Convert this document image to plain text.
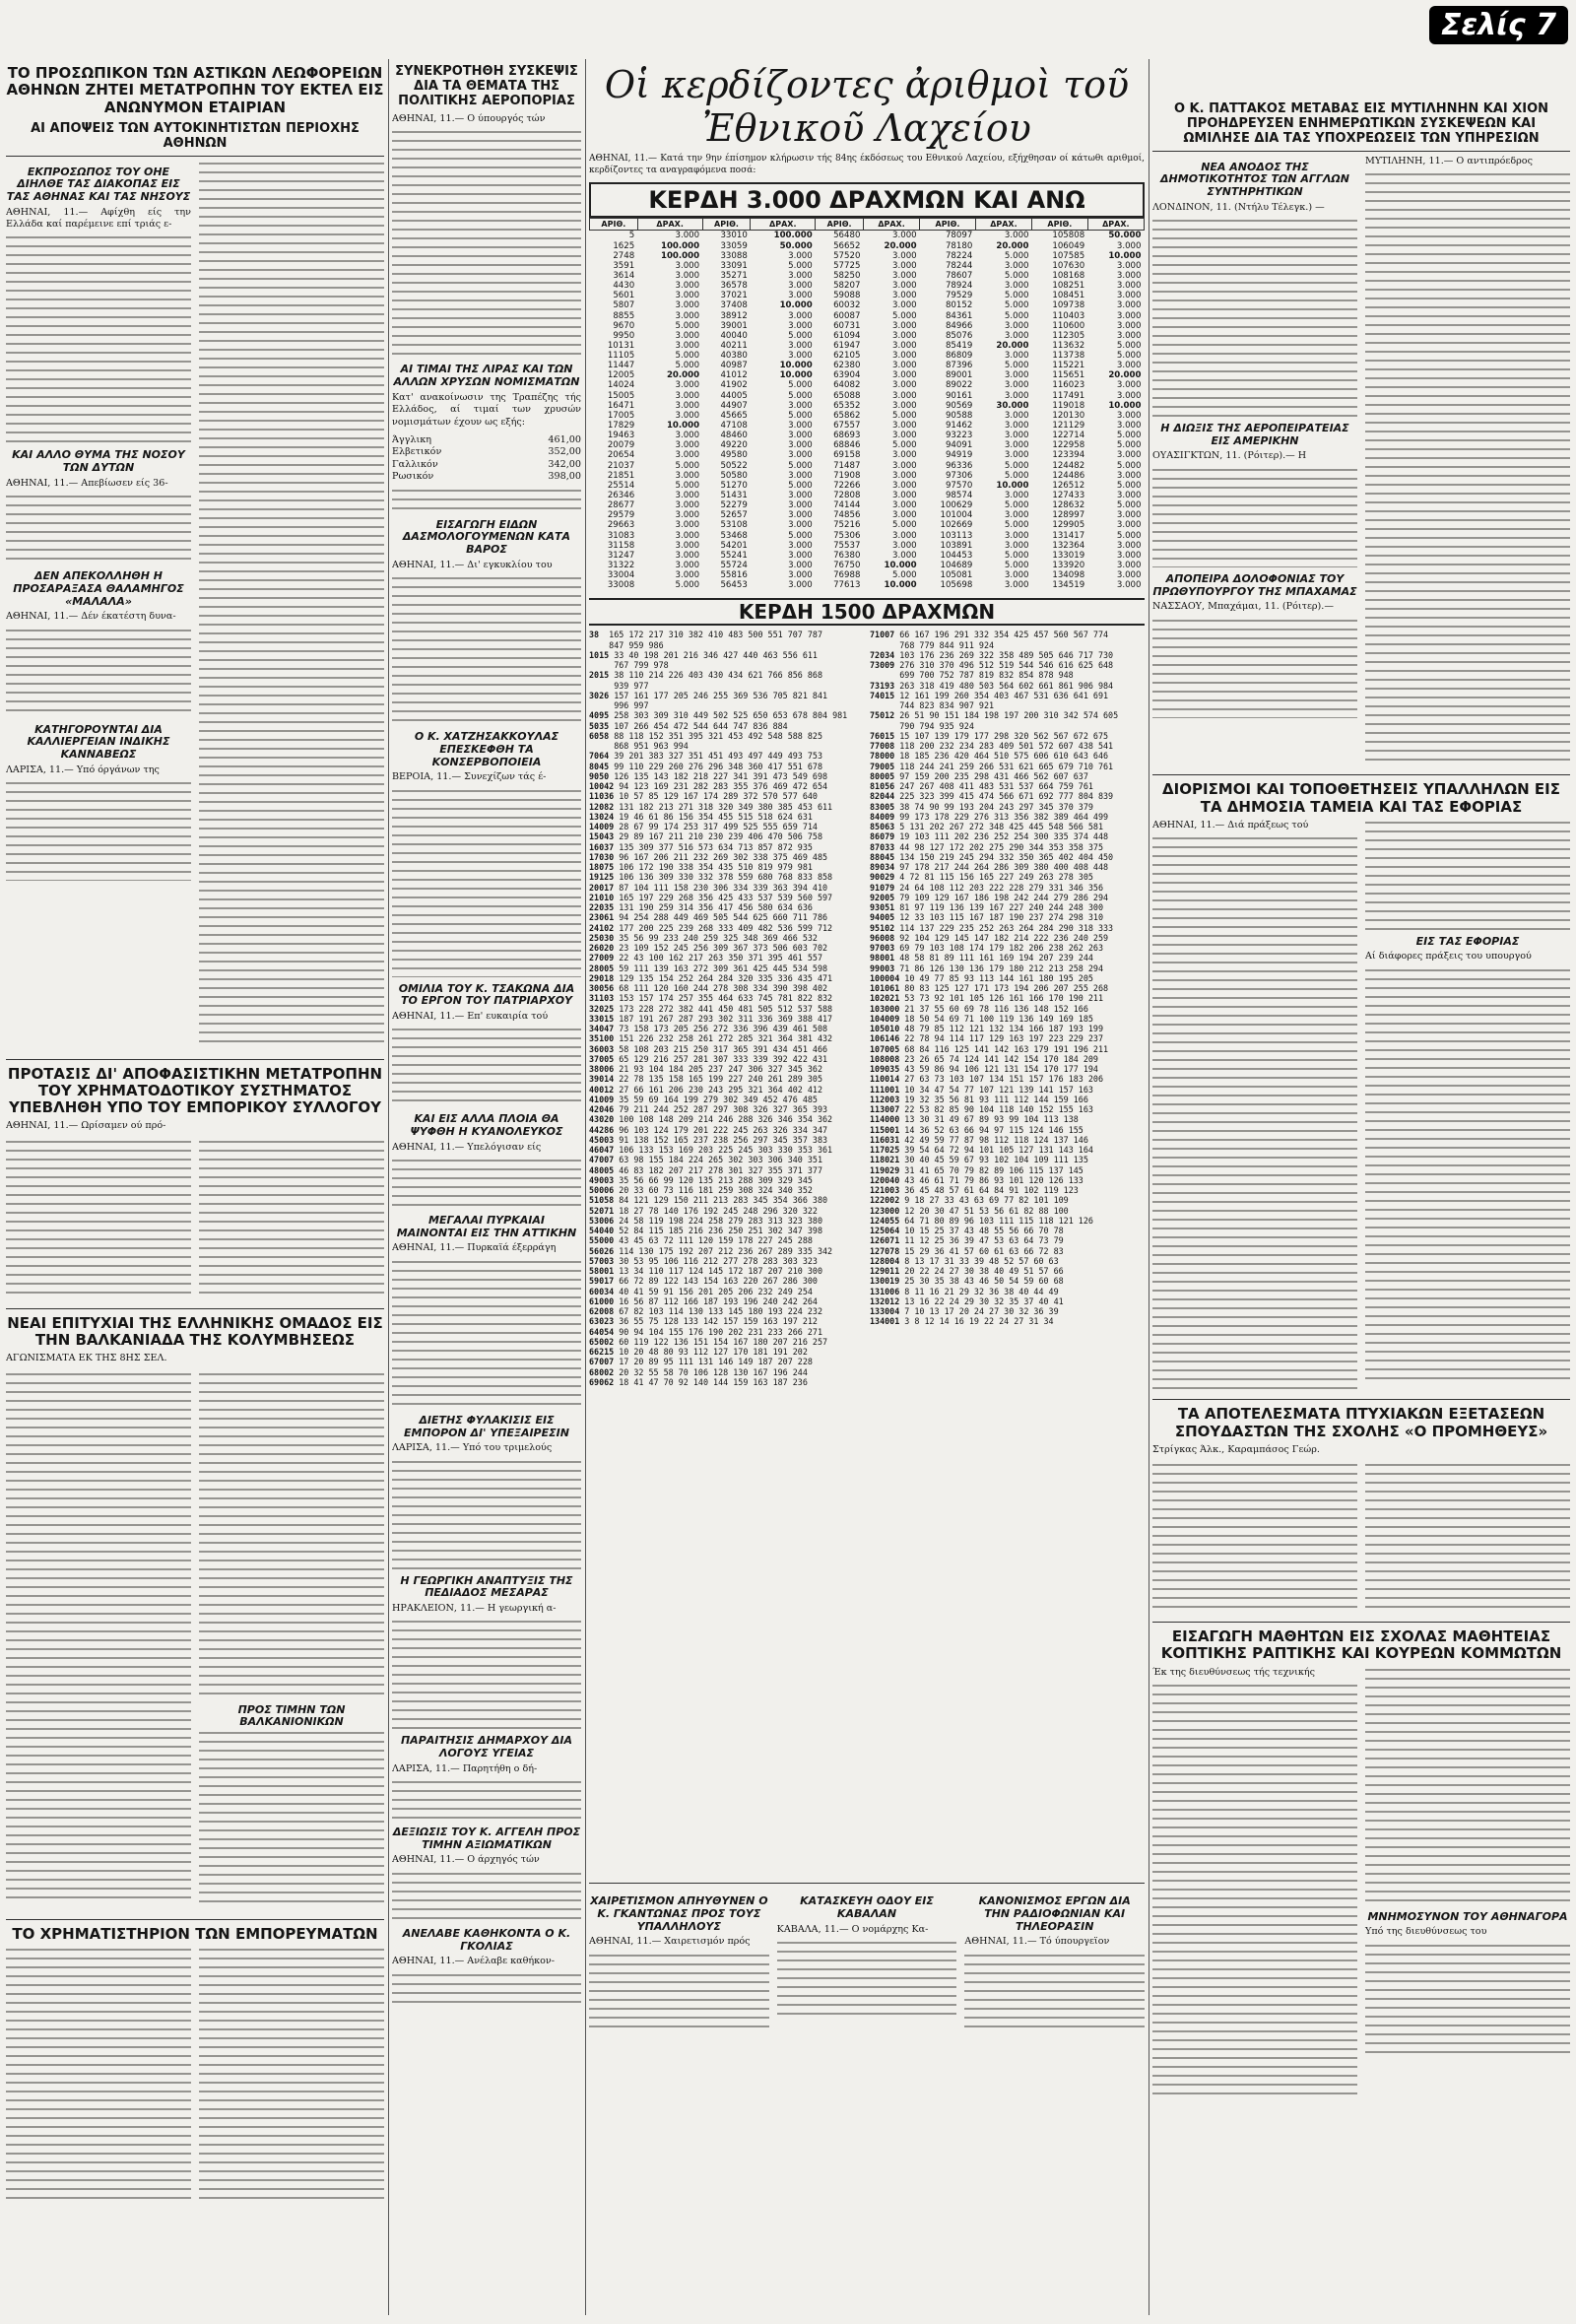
Σελίς 7
ΤΟ ΠΡΟΣΩΠΙΚΟΝ ΤΩΝ ΑΣΤΙΚΩΝ ΛΕΩΦΟΡΕΙΩΝ ΑΘΗΝΩΝ ΖΗΤΕΙ ΜΕΤΑΤΡΟΠΗΝ ΤΟΥ ΕΚΤΕΛ ΕΙΣ ΑΝΩΝΥΜΟΝ ΕΤΑΙΡΙΑΝ
ΑΙ ΑΠΟΨΕΙΣ ΤΩΝ ΑΥΤΟΚΙΝΗΤΙΣΤΩΝ ΠΕΡΙΟΧΗΣ ΑΘΗΝΩΝ
ΕΚΠΡΟΣΩΠΟΣ ΤΟΥ ΟΗΕ ΔΙΗΛΘΕ ΤΑΣ ΔΙΑΚΟΠΑΣ ΕΙΣ ΤΑΣ ΑΘΗΝΑΣ ΚΑΙ ΤΑΣ ΝΗΣΟΥΣ

ΑΘΗΝΑΙ, 11.— Αφίχθη είς την Ελλάδα καί παρέμεινε επί τριάς ε-

ΚΑΙ ΑΛΛΟ ΘΥΜΑ ΤΗΣ ΝΟΣΟΥ ΤΩΝ ΔΥΤΩΝ

ΑΘΗΝΑΙ, 11.— Απεβίωσεν είς 36-

ΔΕΝ ΑΠΕΚΟΛΛΗΘΗ Η ΠΡΟΣΑΡΑΞΑΣΑ ΘΑΛΑΜΗΓΟΣ «ΜΑΛΑΛΑ»

ΑΘΗΝΑΙ, 11.— Δέν έκατέστη δυνα-

ΚΑΤΗΓΟΡΟΥΝΤΑΙ ΔΙΑ ΚΑΛΛΙΕΡΓΕΙΑΝ ΙΝΔΙΚΗΣ ΚΑΝΝΑΒΕΩΣ

ΛΑΡΙΣΑ, 11.— Υπό όργάνων της

ΠΡΟΤΑΣΙΣ ΔΙ' ΑΠΟΦΑΣΙΣΤΙΚΗΝ ΜΕΤΑΤΡΟΠΗΝ ΤΟΥ ΧΡΗΜΑΤΟΔΟΤΙΚΟΥ ΣΥΣΤΗΜΑΤΟΣ ΥΠΕΒΛΗΘΗ ΥΠΟ ΤΟΥ ΕΜΠΟΡΙΚΟΥ ΣΥΛΛΟΓΟΥ

ΑΘΗΝΑΙ, 11.— Ωρίσαμεν ού πρό-

ΝΕΑΙ ΕΠΙΤΥΧΙΑΙ ΤΗΣ ΕΛΛΗΝΙΚΗΣ ΟΜΑΔΟΣ ΕΙΣ ΤΗΝ ΒΑΛΚΑΝΙΑΔΑ ΤΗΣ ΚΟΛΥΜΒΗΣΕΩΣ

ΑΓΩΝΙΣΜΑΤΑ ΕΚ ΤΗΣ 8ΗΣ ΣΕΛ.

ΠΡΟΣ ΤΙΜΗΝ ΤΩΝ ΒΑΛΚΑΝΙΟΝΙΚΩΝ
ΤΟ ΧΡΗΜΑΤΙΣΤΗΡΙΟΝ ΤΩΝ ΕΜΠΟΡΕΥΜΑΤΩΝ
ΣΥΝΕΚΡΟΤΗΘΗ ΣΥΣΚΕΨΙΣ ΔΙΑ ΤΑ ΘΕΜΑΤΑ ΤΗΣ ΠΟΛΙΤΙΚΗΣ ΑΕΡΟΠΟΡΙΑΣ

ΑΘΗΝΑΙ, 11.— Ο ύπουργός τών

ΑΙ ΤΙΜΑΙ ΤΗΣ ΛΙΡΑΣ ΚΑΙ ΤΩΝ ΑΛΛΩΝ ΧΡΥΣΩΝ ΝΟΜΙΣΜΑΤΩΝ

Κατ' ανακοίνωσιν της Τραπέζης τής Ελλάδος, αί τιμαί των χρυσών νομισμάτων έχουν ως εξής:

Άγγλικη	461,00
Ελβετικόν	352,00
Γαλλικόν	342,00
Ρωσικόν	398,00
ΕΙΣΑΓΩΓΗ ΕΙΔΩΝ ΔΑΣΜΟΛΟΓΟΥΜΕΝΩΝ ΚΑΤΑ ΒΑΡΟΣ

ΑΘΗΝΑΙ, 11.— Δι' εγκυκλίου του

Ο Κ. ΧΑΤΖΗΣΑΚΚΟΥΛΑΣ ΕΠΕΣΚΕΦΘΗ ΤΑ ΚΟΝΣΕΡΒΟΠΟΙΕΙΑ

ΒΕΡΟΙΑ, 11.— Συνεχίζων τάς έ-

ΟΜΙΛΙΑ ΤΟΥ Κ. ΤΣΑΚΩΝΑ ΔΙΑ ΤΟ ΕΡΓΟΝ ΤΟΥ ΠΑΤΡΙΑΡΧΟΥ

ΑΘΗΝΑΙ, 11.— Επ' ευκαιρία τού

ΚΑΙ ΕΙΣ ΑΛΛΑ ΠΛΟΙΑ ΘΑ ΨΥΦΘΗ Η ΚΥΑΝΟΛΕΥΚΟΣ

ΑΘΗΝΑΙ, 11.— Υπελόγισαν είς

ΜΕΓΑΛΑΙ ΠΥΡΚΑΙΑΙ ΜΑΙΝΟΝΤΑΙ ΕΙΣ ΤΗΝ ΑΤΤΙΚΗΝ

ΑΘΗΝΑΙ, 11.— Πυρκαϊά έξερράγη

ΔΙΕΤΗΣ ΦΥΛΑΚΙΣΙΣ ΕΙΣ ΕΜΠΟΡΟΝ ΔΙ' ΥΠΕΞΑΙΡΕΣΙΝ

ΛΑΡΙΣΑ, 11.— Υπό του τριμελούς

Η ΓΕΩΡΓΙΚΗ ΑΝΑΠΤΥΞΙΣ ΤΗΣ ΠΕΔΙΑΔΟΣ ΜΕΣΑΡΑΣ

ΗΡΑΚΛΕΙΟΝ, 11.— Η γεωργική α-

ΠΑΡΑΙΤΗΣΙΣ ΔΗΜΑΡΧΟΥ ΔΙΑ ΛΟΓΟΥΣ ΥΓΕΙΑΣ

ΛΑΡΙΣΑ, 11.— Παρητήθη ο δή-

ΔΕΞΙΩΣΙΣ ΤΟΥ Κ. ΑΓΓΕΛΗ ΠΡΟΣ ΤΙΜΗΝ ΑΞΙΩΜΑΤΙΚΩΝ

ΑΘΗΝΑΙ, 11.— Ο άρχηγός τών

ΑΝΕΛΑΒΕ ΚΑΘΗΚΟΝΤΑ Ο Κ. ΓΚΟΛΙΑΣ

ΑΘΗΝΑΙ, 11.— Ανέλαβε καθήκον-

Οἱ κερδίζοντες ἀριθμοὶ τοῦ Ἐθνικοῦ Λαχείου

ΑΘΗΝΑΙ, 11.— Κατά την 9ην έπίσημον κλήρωσιν τής 84ης έκδόσεως του Εθνικού Λαχείου, εξήχθησαν οί κάτωθι αριθμοί, κερδίζοντες τα αναγραφόμενα ποσά:

ΚΕΡΔΗ 3.000 ΔΡΑΧΜΩΝ ΚΑΙ ΑΝΩ
ΑΡΙΘ.	ΔΡΑΧ.	ΑΡΙΘ.	ΔΡΑΧ.	ΑΡΙΘ.	ΔΡΑΧ.	ΑΡΙΘ.	ΔΡΑΧ.	ΑΡΙΘ.	ΔΡΑΧ.
5	3.000	33010	100.000	56480	3.000	78097	3.000	105808	50.000
1625	100.000	33059	50.000	56652	20.000	78180	20.000	106049	3.000
2748	100.000	33088	3.000	57520	3.000	78224	5.000	107585	10.000
3591	3.000	33091	5.000	57725	3.000	78244	3.000	107630	3.000
3614	3.000	35271	3.000	58250	3.000	78607	5.000	108168	3.000
4430	3.000	36578	3.000	58207	3.000	78924	3.000	108251	3.000
5601	3.000	37021	3.000	59088	3.000	79529	5.000	108451	3.000
5807	3.000	37408	10.000	60032	3.000	80152	5.000	109738	3.000
8855	3.000	38912	3.000	60087	5.000	84361	5.000	110403	3.000
9670	5.000	39001	3.000	60731	3.000	84966	3.000	110600	3.000
9950	3.000	40040	5.000	61094	3.000	85076	3.000	112305	3.000
10131	3.000	40211	3.000	61947	3.000	85419	20.000	113632	5.000
11105	5.000	40380	3.000	62105	3.000	86809	3.000	113738	5.000
11447	5.000	40987	10.000	62380	3.000	87396	5.000	115221	3.000
12005	20.000	41012	10.000	63904	3.000	89001	3.000	115651	20.000
14024	3.000	41902	5.000	64082	3.000	89022	3.000	116023	3.000
15005	3.000	44005	5.000	65088	3.000	90161	3.000	117491	3.000
16471	3.000	44907	3.000	65352	3.000	90569	30.000	119018	10.000
17005	3.000	45665	5.000	65862	5.000	90588	3.000	120130	3.000
17829	10.000	47108	3.000	67557	3.000	91462	3.000	121129	3.000
19463	3.000	48460	3.000	68693	3.000	93223	3.000	122714	5.000
20079	3.000	49220	3.000	68846	5.000	94091	3.000	122958	5.000
20654	3.000	49580	3.000	69158	3.000	94919	3.000	123394	3.000
21037	5.000	50522	5.000	71487	3.000	96336	5.000	124482	5.000
21851	3.000	50580	3.000	71908	3.000	97306	5.000	124486	3.000
25514	5.000	51270	5.000	72266	3.000	97570	10.000	126512	5.000
26346	3.000	51431	3.000	72808	3.000	98574	3.000	127433	3.000
28677	3.000	52279	3.000	74144	3.000	100629	5.000	128632	5.000
29579	3.000	52657	3.000	74856	3.000	101004	3.000	128997	3.000
29663	3.000	53108	3.000	75216	5.000	102669	5.000	129905	3.000
31083	3.000	53468	5.000	75306	3.000	103113	3.000	131417	5.000
31158	3.000	54201	3.000	75537	3.000	103891	3.000	132364	3.000
31247	3.000	55241	3.000	76380	3.000	104453	5.000	133019	3.000
31322	3.000	55724	3.000	76750	10.000	104689	5.000	133920	3.000
33004	3.000	55816	3.000	76988	5.000	105081	3.000	134098	3.000
33008	5.000	56453	3.000	77613	10.000	105698	3.000	134519	3.000
ΚΕΡΔΗ 1500 ΔΡΑΧΜΩΝ
38  165 172 217 310 382 410 483 500 551 707 787
847 959 986
1015 33 40 198 201 216 346 427 440 463 556 611
767 799 978
2015 38 110 214 226 403 430 434 621 766 856 868
939 977
3026 157 161 177 205 246 255 369 536 705 821 841
996 997
4095 258 303 309 310 449 502 525 650 653 678 804 981
5035 107 266 454 472 544 644 747 836 884
6058 88 118 152 351 395 321 453 492 548 588 825
868 951 963 994
7064 39 201 383 327 351 451 493 497 449 493 753
8045 99 110 229 260 276 296 348 360 417 551 678
9050 126 135 143 182 218 227 341 391 473 549 698
10042 94 123 169 231 282 283 355 376 469 472 654
11036 10 57 85 129 167 174 289 372 570 577 640
12082 131 182 213 271 318 320 349 380 385 453 611
13024 19 46 61 86 156 354 455 515 518 624 631
14009 28 67 99 174 253 317 499 525 555 659 714
15043 29 89 167 211 210 230 239 406 470 506 758
16037 135 309 377 516 573 634 713 857 872 935
17030 96 167 206 211 232 269 302 338 375 469 485
18075 106 172 190 338 354 435 510 819 979 981
19125 106 136 309 330 332 378 559 680 768 833 858
20017 87 104 111 158 230 306 334 339 363 394 410
21010 165 197 229 268 356 425 433 537 539 560 597
22035 131 190 259 314 356 417 456 580 634 636
23061 94 254 288 449 469 505 544 625 660 711 786
24102 177 200 225 239 268 333 409 482 536 599 712
25030 35 56 99 233 240 259 325 348 369 466 532
26020 23 109 152 245 256 309 367 373 506 603 702
27009 22 43 100 162 217 263 350 371 395 461 557
28005 59 111 139 163 272 309 361 425 445 534 598
29018 129 135 154 252 264 284 320 335 336 435 471
30056 68 111 120 160 244 278 308 334 390 398 402
31103 153 157 174 257 355 464 633 745 781 822 832
32025 173 228 272 382 441 450 481 505 512 537 588
33015 187 191 267 287 293 302 311 336 369 388 417
34047 73 158 173 205 256 272 336 396 439 461 508
35100 151 226 232 258 261 272 285 321 364 381 432
36003 58 108 203 215 250 317 365 391 434 451 466
37005 65 129 216 257 281 307 333 339 392 422 431
38006 21 93 104 184 205 237 247 306 327 345 362
39014 22 78 135 158 165 199 227 240 261 289 305
40012 27 66 161 206 230 243 295 321 364 402 412
41009 35 59 69 164 199 279 302 349 452 476 485
42046 79 211 244 252 287 297 308 326 327 365 393
43020 100 108 148 209 214 246 288 326 346 354 362
44286 96 103 124 179 201 222 245 263 326 334 347
45003 91 138 152 165 237 238 256 297 345 357 383
46047 106 133 153 169 203 225 245 303 330 353 361
47007 63 98 155 184 224 265 302 303 306 340 351
48005 46 83 182 207 217 278 301 327 355 371 377
49003 35 56 66 99 120 135 213 288 309 329 345
50006 20 33 60 73 116 181 259 308 324 340 352
51058 84 121 129 150 211 213 283 345 354 366 380
52071 18 27 78 140 176 192 245 248 296 320 322
53006 24 58 119 198 224 258 279 283 313 323 380
54040 52 84 115 185 216 236 250 251 302 347 398
55000 43 45 63 72 111 120 159 178 227 245 288
56026 114 130 175 192 207 212 236 267 289 335 342
57003 30 53 95 106 116 212 277 278 283 303 323
58001 13 34 110 117 124 145 172 187 207 210 300
59017 66 72 89 122 143 154 163 220 267 286 300
60034 40 41 59 91 156 201 205 206 232 249 254
61000 16 56 87 112 166 187 193 196 240 242 264
62008 67 82 103 114 130 133 145 180 193 224 232
63023 36 55 75 128 133 142 157 159 163 197 212
64054 90 94 104 155 176 190 202 231 233 266 271
65002 60 119 122 136 151 154 167 180 207 216 257
66215 10 20 48 80 93 112 127 170 181 191 202
67007 17 20 89 95 111 131 146 149 187 207 228
68002 20 32 55 58 70 106 128 130 167 196 244
69062 18 41 47 70 92 140 144 159 163 187 236
71007 66 167 196 291 332 354 425 457 560 567 774
768 779 844 911 924
72034 103 176 236 269 322 358 489 505 646 717 730
73009 276 310 370 496 512 519 544 546 616 625 648
699 700 752 787 819 832 854 878 948
73193 263 318 419 480 503 564 602 661 861 906 984
74015 12 161 199 260 354 403 467 531 636 641 691
744 823 834 907 921
75012 26 51 90 151 184 198 197 200 310 342 574 605
790 794 935 924
76015 15 107 139 179 177 298 320 562 567 672 675
77008 118 200 232 234 283 409 501 572 607 438 541
78000 18 185 236 420 464 510 575 606 610 643 646
79005 118 244 241 259 266 531 621 665 679 710 761
80005 97 159 200 235 298 431 466 562 607 637
81056 247 267 408 411 483 531 537 664 759 761
82044 225 323 399 415 474 566 671 692 777 804 839
83005 38 74 90 99 193 204 243 297 345 370 379
84009 99 173 178 229 276 313 356 382 389 464 499
85063 5 131 202 267 272 348 425 445 548 566 581
86079 19 103 111 202 236 252 254 300 335 374 448
87033 44 98 127 172 202 275 290 344 353 358 375
88045 134 150 219 245 294 332 350 365 402 404 450
89034 97 178 217 244 264 286 309 380 400 408 448
90029 4 72 81 115 156 165 227 249 263 278 305
91079 24 64 108 112 203 222 228 279 331 346 356
92005 79 109 129 167 186 198 242 244 279 286 294
93051 81 97 119 136 139 167 227 240 244 248 300
94005 12 33 103 115 167 187 190 237 274 298 310
95102 114 137 229 235 252 263 264 284 290 318 333
96008 92 104 129 145 147 182 214 222 236 240 259
97003 69 79 103 108 174 179 182 206 238 262 263
98001 48 58 81 89 111 161 169 194 207 239 244
99003 71 86 126 130 136 179 180 212 213 258 294
100004 10 49 77 85 93 113 144 161 180 195 205
101061 80 83 125 127 171 173 194 206 207 255 268
102021 53 73 92 101 105 126 161 166 170 190 211
103000 21 37 55 60 69 78 116 136 148 152 166
104009 18 50 54 69 71 100 119 136 149 169 185
105010 48 79 85 112 121 132 134 166 187 193 199
106146 22 78 94 114 117 129 163 197 223 229 237
107005 68 84 116 125 141 142 163 179 191 196 211
108008 23 26 65 74 124 141 142 154 170 184 209
109035 43 59 86 94 106 121 131 154 170 177 194
110014 27 63 73 103 107 134 151 157 176 183 206
111001 10 34 47 54 77 107 121 139 141 157 163
112003 19 32 35 56 81 93 111 112 144 159 166
113007 22 53 82 85 90 104 118 140 152 155 163
114000 13 30 31 49 67 89 93 99 104 113 138
115001 14 36 52 63 66 94 97 115 124 146 155
116031 42 49 59 77 87 98 112 118 124 137 146
117025 39 54 64 72 94 101 105 127 131 143 164
118021 30 40 45 59 67 93 102 104 109 111 135
119029 31 41 65 70 79 82 89 106 115 137 145
120040 43 46 61 71 79 86 93 101 120 126 133
121003 36 45 48 57 61 64 84 91 102 119 123
122002 9 18 27 33 43 63 69 77 82 101 109
123000 12 20 30 47 51 53 56 61 82 88 100
124055 64 71 80 89 96 103 111 115 118 121 126
125064 10 15 25 37 43 48 55 56 66 70 78
126071 11 12 25 36 39 47 53 63 64 73 79
127078 15 29 36 41 57 60 61 63 66 72 83
128004 8 13 17 31 33 39 48 52 57 60 63
129011 20 22 24 27 30 38 40 49 51 57 66
130019 25 30 35 38 43 46 50 54 59 60 68
131006 8 11 16 21 29 32 36 38 40 44 49
132012 13 16 22 24 29 30 32 35 37 40 41
133004 7 10 13 17 20 24 27 30 32 36 39
134001 3 8 12 14 16 19 22 24 27 31 34
ΧΑΙΡΕΤΙΣΜΟΝ ΑΠΗΥΘΥΝΕΝ Ο Κ. ΓΚΑΝΤΩΝΑΣ ΠΡΟΣ ΤΟΥΣ ΥΠΑΛΛΗΛΟΥΣ

ΑΘΗΝΑΙ, 11.— Χαιρετισμόν πρός

ΚΑΤΑΣΚΕΥΗ ΟΔΟΥ ΕΙΣ ΚΑΒΑΛΑΝ

ΚΑΒΑΛΑ, 11.— Ο νομάρχης Κα-

ΚΑΝΟΝΙΣΜΟΣ ΕΡΓΩΝ ΔΙΑ ΤΗΝ ΡΑΔΙΟΦΩΝΙΑΝ ΚΑΙ ΤΗΛΕΟΡΑΣΙΝ

ΑΘΗΝΑΙ, 11.— Τό ύπουργεϊον

Ο Κ. ΠΑΤΤΑΚΟΣ ΜΕΤΑΒΑΣ ΕΙΣ ΜΥΤΙΛΗΝΗΝ ΚΑΙ ΧΙΟΝ ΠΡΟΗΔΡΕΥΣΕΝ ΕΝΗΜΕΡΩΤΙΚΩΝ ΣΥΣΚΕΨΕΩΝ ΚΑΙ ΩΜΙΛΗΣΕ ΔΙΑ ΤΑΣ ΥΠΟΧΡΕΩΣΕΙΣ ΤΩΝ ΥΠΗΡΕΣΙΩΝ
ΝΕΑ ΑΝΟΔΟΣ ΤΗΣ ΔΗΜΟΤΙΚΟΤΗΤΟΣ ΤΩΝ ΑΓΓΛΩΝ ΣΥΝΤΗΡΗΤΙΚΩΝ

ΛΟΝΔΙΝΟΝ, 11. (Ντήλυ Τέλεγκ.) —

Η ΔΙΩΞΙΣ ΤΗΣ ΑΕΡΟΠΕΙΡΑΤΕΙΑΣ ΕΙΣ ΑΜΕΡΙΚΗΝ

ΟΥΑΣΙΓΚΤΩΝ, 11. (Ρόιτερ).— Η

ΑΠΟΠΕΙΡΑ ΔΟΛΟΦΟΝΙΑΣ ΤΟΥ ΠΡΩΘΥΠΟΥΡΓΟΥ ΤΗΣ ΜΠΑΧΑΜΑΣ

ΝΑΣΣΑΟΥ, Μπαχάμαι, 11. (Ρόιτερ).—

ΜΥΤΙΛΗΝΗ, 11.— Ο αντιπρόεδρος

ΔΙΟΡΙΣΜΟΙ ΚΑΙ ΤΟΠΟΘΕΤΗΣΕΙΣ ΥΠΑΛΛΗΛΩΝ ΕΙΣ ΤΑ ΔΗΜΟΣΙΑ ΤΑΜΕΙΑ ΚΑΙ ΤΑΣ ΕΦΟΡΙΑΣ

ΑΘΗΝΑΙ, 11.— Διά πράξεως τού

ΕΙΣ ΤΑΣ ΕΦΟΡΙΑΣ

Αί διάφορες πράξεις του υπουργού

ΤΑ ΑΠΟΤΕΛΕΣΜΑΤΑ ΠΤΥΧΙΑΚΩΝ ΕΞΕΤΑΣΕΩΝ ΣΠΟΥΔΑΣΤΩΝ ΤΗΣ ΣΧΟΛΗΣ «Ο ΠΡΟΜΗΘΕΥΣ»

Στρίγκας Άλκ., Καραμπάσος Γεώρ.

ΕΙΣΑΓΩΓΗ ΜΑΘΗΤΩΝ ΕΙΣ ΣΧΟΛΑΣ ΜΑΘΗΤΕΙΑΣ ΚΟΠΤΙΚΗΣ ΡΑΠΤΙΚΗΣ ΚΑΙ ΚΟΥΡΕΩΝ ΚΟΜΜΩΤΩΝ

Έκ της διευθύνσεως τής τεχνικής

ΜΝΗΜΟΣΥΝΟΝ ΤΟΥ ΑΘΗΝΑΓΟΡΑ

Υπό της διευθύνσεως του
